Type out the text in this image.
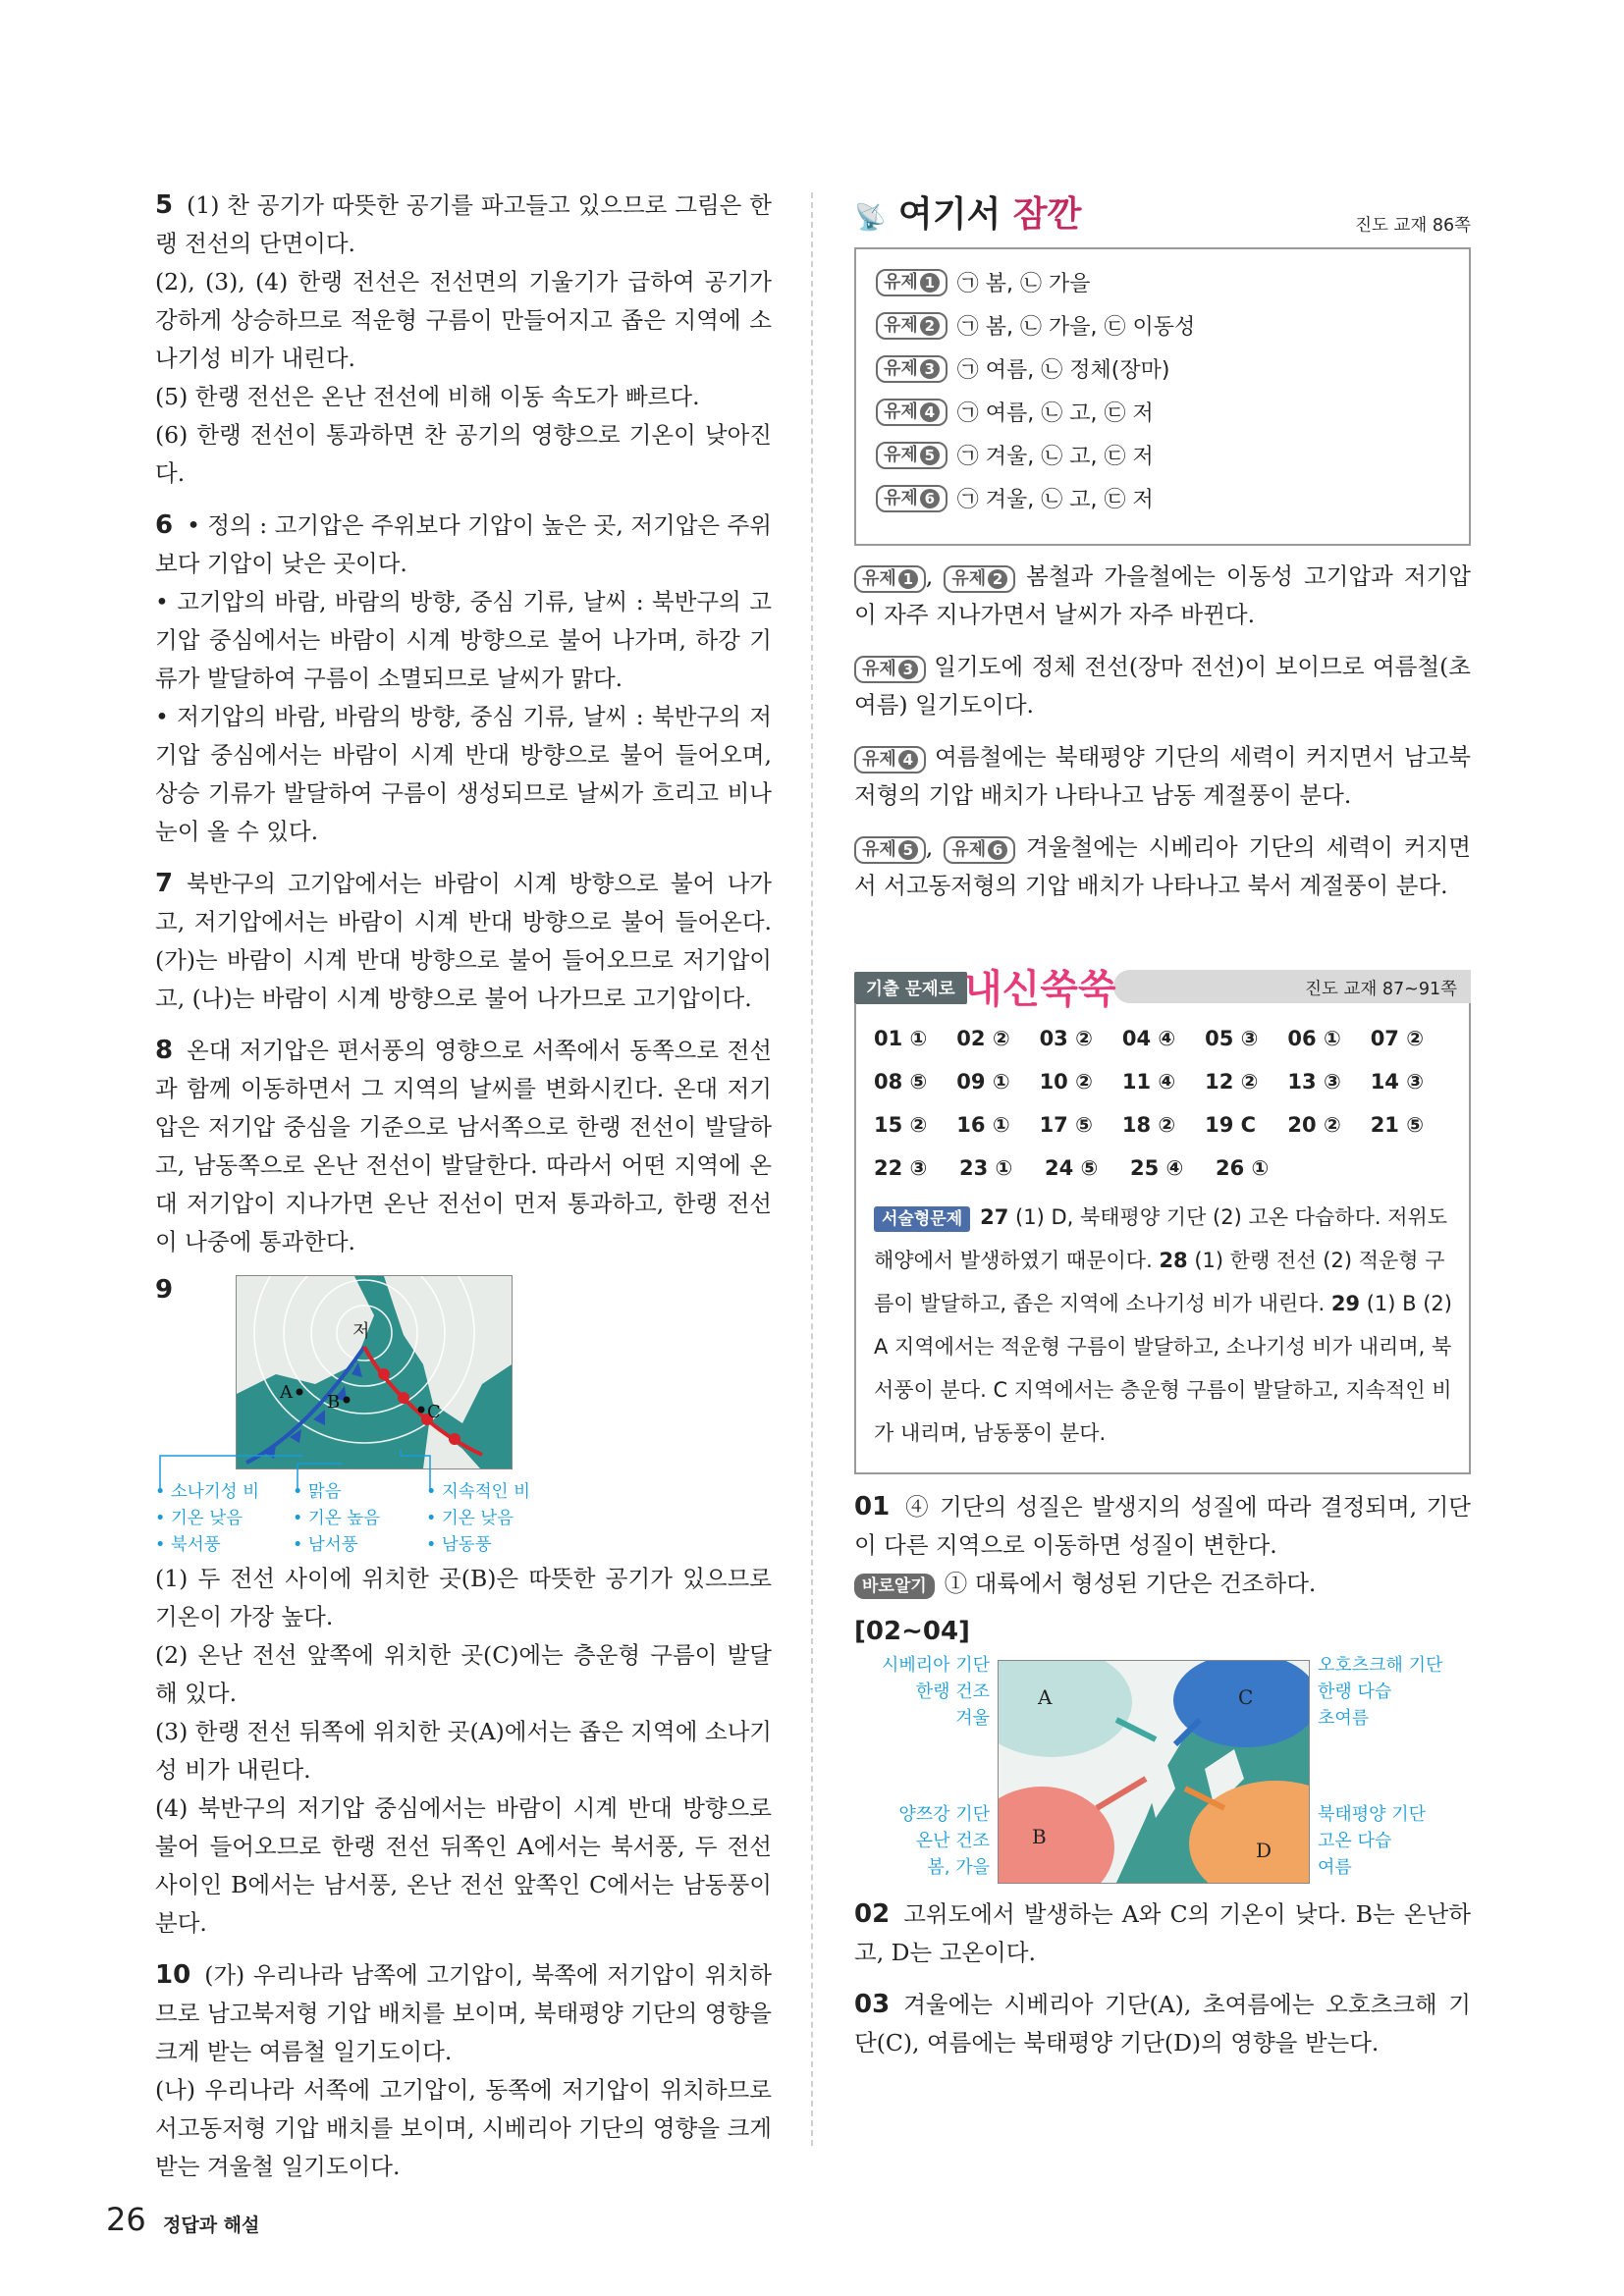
5 (1) 찬 공기가 따뜻한 공기를 파고들고 있으므로 그림은 한랭 전선의 단면이다.

(2), (3), (4) 한랭 전선은 전선면의 기울기가 급하여 공기가 강하게 상승하므로 적운형 구름이 만들어지고 좁은 지역에 소나기성 비가 내린다.

(5) 한랭 전선은 온난 전선에 비해 이동 속도가 빠르다.

(6) 한랭 전선이 통과하면 찬 공기의 영향으로 기온이 낮아진다.

6 • 정의 : 고기압은 주위보다 기압이 높은 곳, 저기압은 주위보다 기압이 낮은 곳이다.

• 고기압의 바람, 바람의 방향, 중심 기류, 날씨 : 북반구의 고기압 중심에서는 바람이 시계 방향으로 불어 나가며, 하강 기류가 발달하여 구름이 소멸되므로 날씨가 맑다.

• 저기압의 바람, 바람의 방향, 중심 기류, 날씨 : 북반구의 저기압 중심에서는 바람이 시계 반대 방향으로 불어 들어오며, 상승 기류가 발달하여 구름이 생성되므로 날씨가 흐리고 비나 눈이 올 수 있다.

7 북반구의 고기압에서는 바람이 시계 방향으로 불어 나가고, 저기압에서는 바람이 시계 반대 방향으로 불어 들어온다. (가)는 바람이 시계 반대 방향으로 불어 들어오므로 저기압이고, (나)는 바람이 시계 방향으로 불어 나가므로 고기압이다.

8 온대 저기압은 편서풍의 영향으로 서쪽에서 동쪽으로 전선과 함께 이동하면서 그 지역의 날씨를 변화시킨다. 온대 저기압은 저기압 중심을 기준으로 남서쪽으로 한랭 전선이 발달하고, 남동쪽으로 온난 전선이 발달한다. 따라서 어떤 지역에 온대 저기압이 지나가면 온난 전선이 먼저 통과하고, 한랭 전선이 나중에 통과한다.

9
저
A B	C
• 소나기성 비
• 기온 낮음
• 북서풍
• 맑음
• 기온 높음
• 남서풍
• 지속적인 비
• 기온 낮음
• 남동풍

(1) 두 전선 사이에 위치한 곳(B)은 따뜻한 공기가 있으므로 기온이 가장 높다.

(2) 온난 전선 앞쪽에 위치한 곳(C)에는 층운형 구름이 발달해 있다.

(3) 한랭 전선 뒤쪽에 위치한 곳(A)에서는 좁은 지역에 소나기성 비가 내린다.

(4) 북반구의 저기압 중심에서는 바람이 시계 반대 방향으로 불어 들어오므로 한랭 전선 뒤쪽인 A에서는 북서풍, 두 전선 사이인 B에서는 남서풍, 온난 전선 앞쪽인 C에서는 남동풍이 분다.

10 (가) 우리나라 남쪽에 고기압이, 북쪽에 저기압이 위치하므로 남고북저형 기압 배치를 보이며, 북태평양 기단의 영향을 크게 받는 여름철 일기도이다.

(나) 우리나라 서쪽에 고기압이, 동쪽에 저기압이 위치하므로 서고동저형 기압 배치를 보이며, 시베리아 기단의 영향을 크게 받는 겨울철 일기도이다.

📡 여기서 잠깐	진도 교재 86쪽
유제 1	㉠ 봄, ㉡ 가을
유제 2	㉠ 봄, ㉡ 가을, ㉢ 이동성
유제 3	㉠ 여름, ㉡ 정체(장마)
유제 4	㉠ 여름, ㉡ 고, ㉢ 저
유제 5	㉠ 겨울, ㉡ 고, ㉢ 저
유제 6	㉠ 겨울, ㉡ 고, ㉢ 저

유제 1 , 유제 2 봄철과 가을철에는 이동성 고기압과 저기압이 자주 지나가면서 날씨가 자주 바뀐다.

유제 3 일기도에 정체 전선(장마 전선)이 보이므로 여름철(초여름) 일기도이다.

유제 4 여름철에는 북태평양 기단의 세력이 커지면서 남고북저형의 기압 배치가 나타나고 남동 계절풍이 분다.

유제 5 , 유제 6 겨울철에는 시베리아 기단의 세력이 커지면서 서고동저형의 기압 배치가 나타나고 북서 계절풍이 분다.

기출 문제로 내신쑥쑥	진도 교재 87~91쪽
01 ①	02 ②	03 ②	04 ④	05 ③	06 ①	07 ②
08 ⑤	09 ①	10 ②	11 ④	12 ②	13 ③	14 ③
15 ②	16 ①	17 ⑤	18 ②	19 C	20 ②	21 ⑤
22 ③	23 ①	24 ⑤	25 ④	26 ①
서술형문제 27 (1) D, 북태평양 기단 (2) 고온 다습하다. 저위도 해양에서 발생하였기 때문이다. 28 (1) 한랭 전선 (2) 적운형 구름이 발달하고, 좁은 지역에 소나기성 비가 내린다. 29 (1) B (2) A 지역에서는 적운형 구름이 발달하고, 소나기성 비가 내리며, 북서풍이 분다. C 지역에서는 층운형 구름이 발달하고, 지속적인 비가 내리며, 남동풍이 분다.

01 ④ 기단의 성질은 발생지의 성질에 따라 결정되며, 기단이 다른 지역으로 이동하면 성질이 변한다.

바로알기 ① 대륙에서 형성된 기단은 건조하다.

[02~04]
시베리아 기단
한랭 건조
겨울
오호츠크해 기단
한랭 다습
초여름
양쯔강 기단
온난 건조
봄, 가을
북태평양 기단
고온 다습
여름
A	C
B
D

02 고위도에서 발생하는 A와 C의 기온이 낮다. B는 온난하고, D는 고온이다.

03 겨울에는 시베리아 기단(A), 초여름에는 오호츠크해 기단(C), 여름에는 북태평양 기단(D)의 영향을 받는다.

26 정답과 해설
